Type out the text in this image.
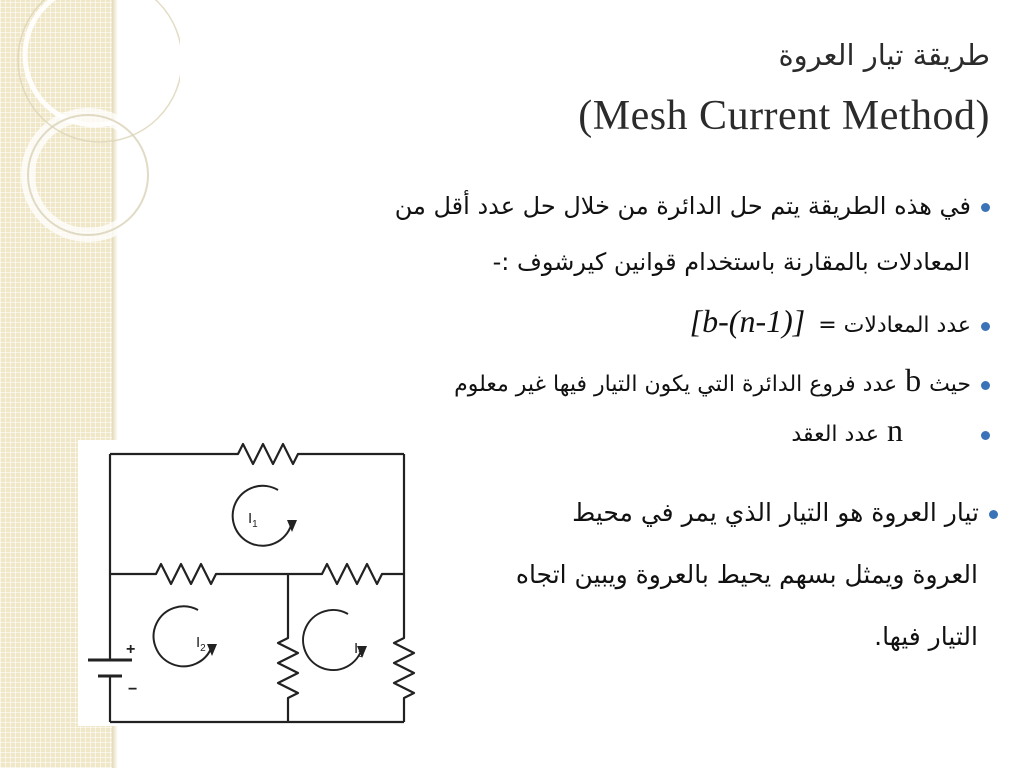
طريقة تيار العروة
(Mesh Current Method)
في هذه الطريقة يتم حل الدائرة من خلال حل عدد أقل من
المعادلات بالمقارنة باستخدام قوانين كيرشوف :-
عدد المعادلات = [b-(n-1)]
حيثbعدد فروع الدائرة التي يكون التيار فيها غير معلوم
nعدد العقد
تيار العروة هو التيار الذي يمر في محيط
العروة ويمثل بسهم يحيط بالعروة ويبين اتجاه
التيار فيها.
$I_1$
$I_2$	$I_3$
+
−
